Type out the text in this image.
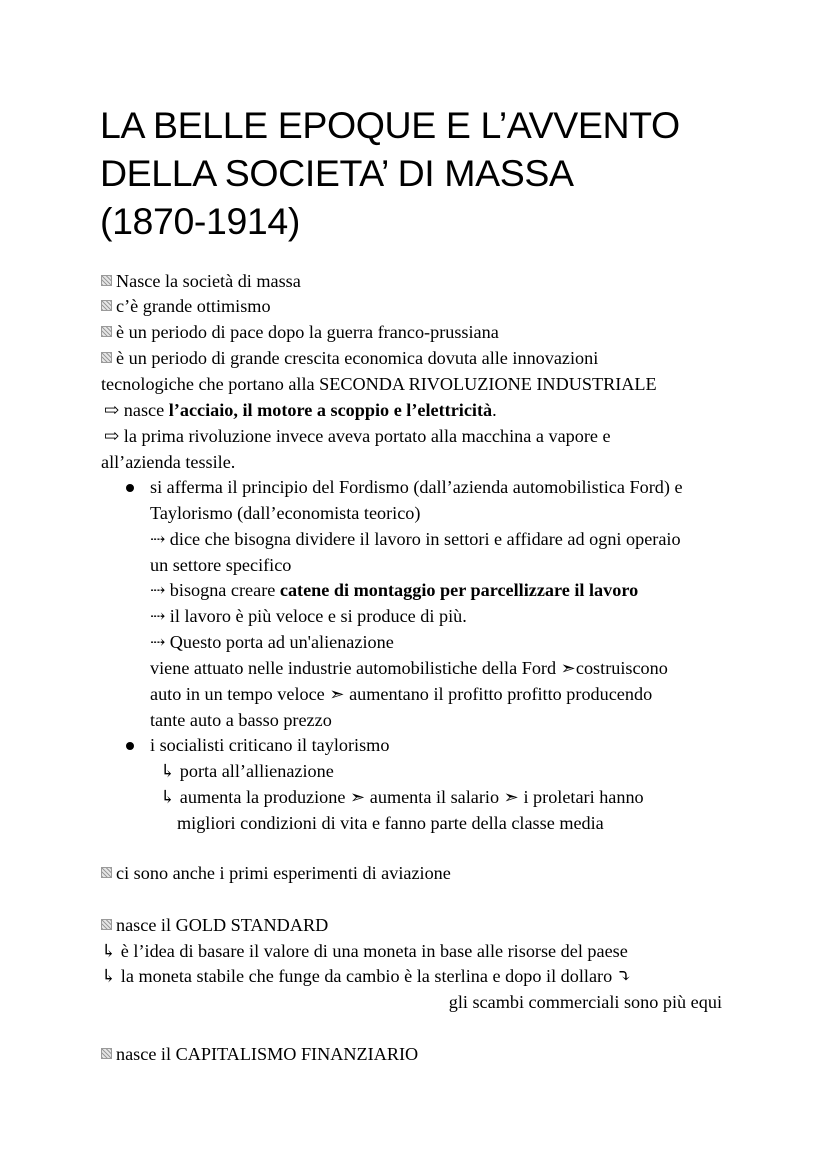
LA BELLE EPOQUE E L’AVVENTO
DELLA SOCIETA’ DI MASSA
(1870-1914)
Nasce la società di massa
c’è grande ottimismo
è un periodo di pace dopo la guerra franco-prussiana
è un periodo di grande crescita economica dovuta alle innovazioni
tecnologiche che portano alla SECONDA RIVOLUZIONE INDUSTRIALE
⇨ nasce l’acciaio, il motore a scoppio e l’elettricità.
⇨ la prima rivoluzione invece aveva portato alla macchina a vapore e
all’azienda tessile.
si afferma il principio del Fordismo (dall’azienda automobilistica Ford) e
Taylorismo (dall’economista teorico)
⇢ dice che bisogna dividere il lavoro in settori e affidare ad ogni operaio
un settore specifico
⇢ bisogna creare catene di montaggio per parcellizzare il lavoro
⇢ il lavoro è più veloce e si produce di più.
⇢ Questo porta ad un'alienazione
viene attuato nelle industrie automobilistiche della Ford ➣costruiscono
auto in un tempo veloce ➣ aumentano il profitto profitto producendo
tante auto a basso prezzo
i socialisti criticano il taylorismo
↳ porta all’allienazione
↳ aumenta la produzione ➣ aumenta il salario ➣ i proletari hanno
migliori condizioni di vita e fanno parte della classe media
ci sono anche i primi esperimenti di aviazione
nasce il GOLD STANDARD
↳ è l’idea di basare il valore di una moneta in base alle risorse del paese
↳ la moneta stabile che funge da cambio è la sterlina e dopo il dollaro ⤵
gli scambi commerciali sono più equi
nasce il CAPITALISMO FINANZIARIO
